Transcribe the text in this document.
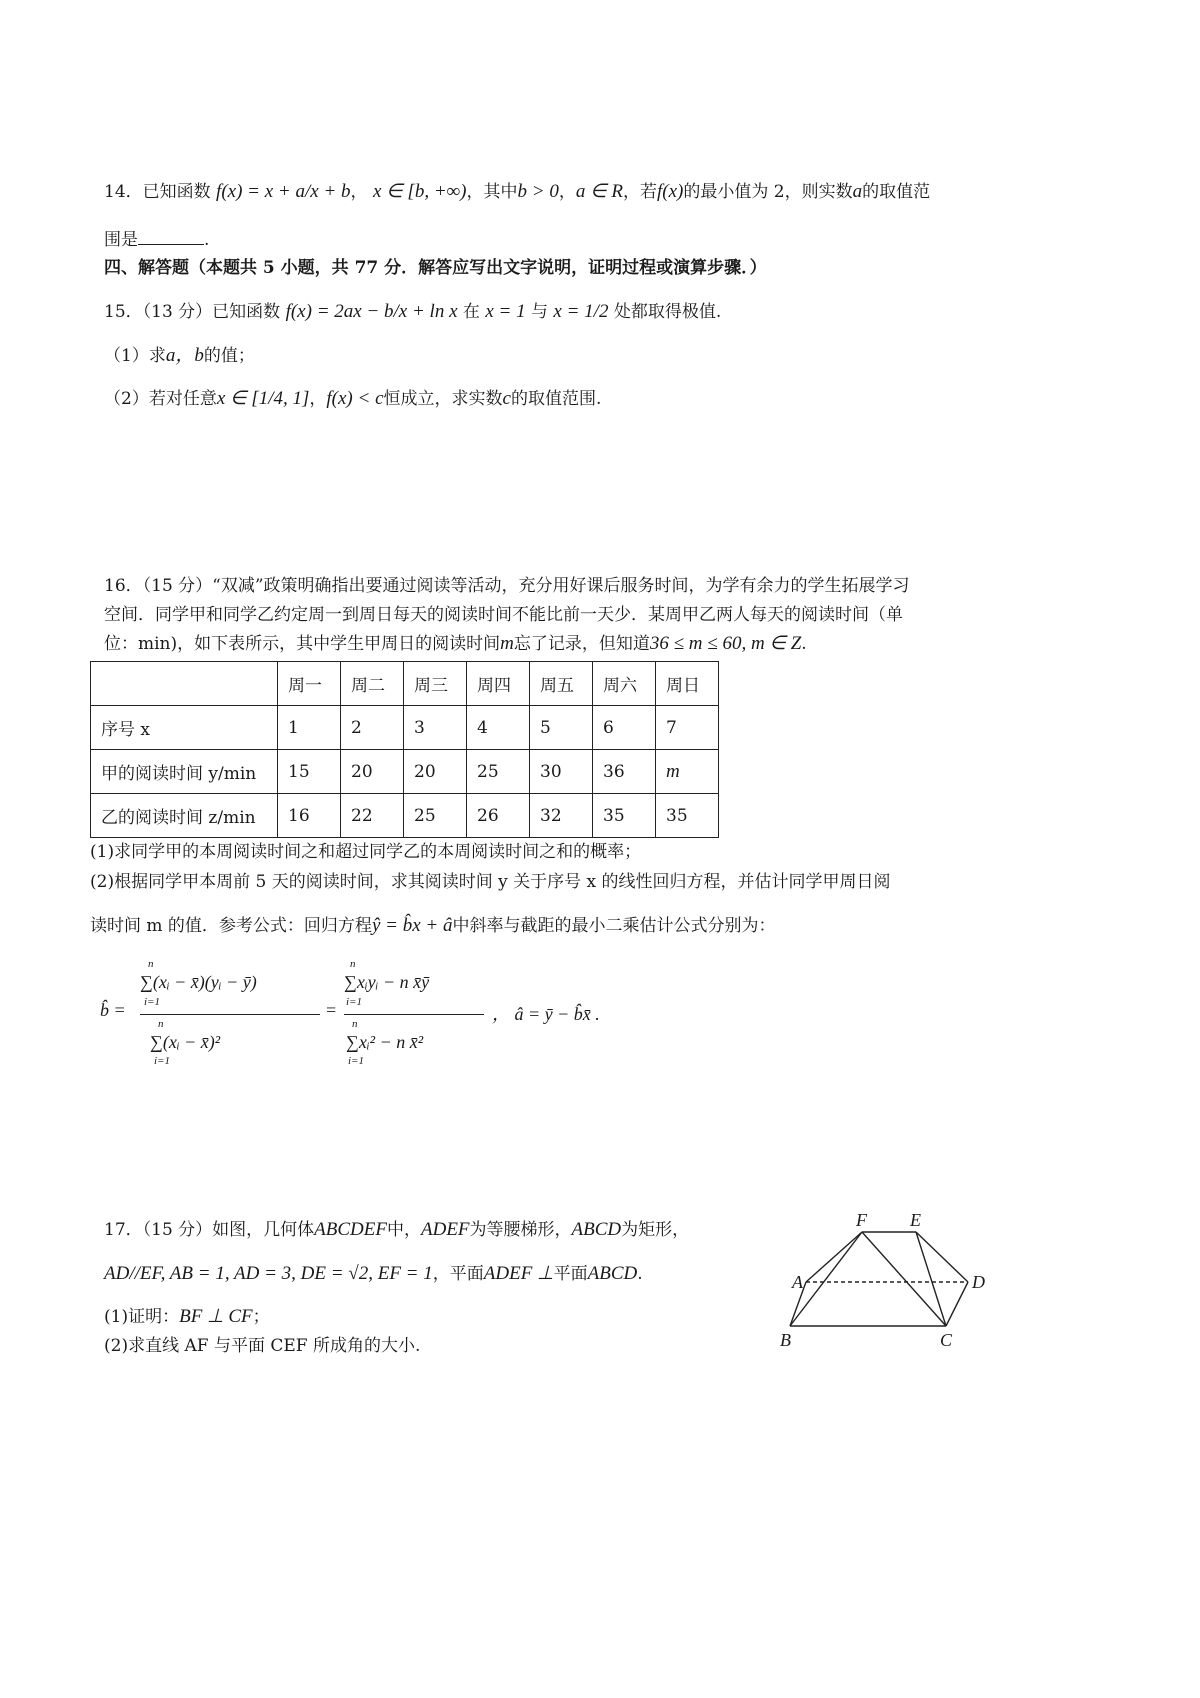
14．已知函数 f(x) = x + a/x + b， x ∈ [b, +∞)，其中b > 0，a ∈ R，若f(x)的最小值为 2，则实数a的取值范
围是	.
四、解答题（本题共 5 小题，共 77 分．解答应写出文字说明，证明过程或演算步骤．）
15．（13 分）已知函数 f(x) = 2ax − b/x + ln x 在 x = 1 与 x = 1/2 处都取得极值.
（1）求a，b的值；
（2）若对任意x ∈ [1/4, 1]，f(x) < c恒成立，求实数c的取值范围.
16．（15 分）“双减”政策明确指出要通过阅读等活动，充分用好课后服务时间，为学有余力的学生拓展学习
空间．同学甲和同学乙约定周一到周日每天的阅读时间不能比前一天少．某周甲乙两人每天的阅读时间（单
位：min)，如下表所示，其中学生甲周日的阅读时间m忘了记录，但知道36 ≤ m ≤ 60, m ∈ Z.
	周一	周二	周三	周四	周五	周六	周日
序号 x	1	2	3	4	5	6	7
甲的阅读时间 y/min	15	20	20	25	30	36	m
乙的阅读时间 z/min	16	22	25	26	32	35	35
(1)求同学甲的本周阅读时间之和超过同学乙的本周阅读时间之和的概率；
(2)根据同学甲本周前 5 天的阅读时间，求其阅读时间 y 关于序号 x 的线性回归方程，并估计同学甲周日阅
读时间 m 的值．参考公式：回归方程ŷ = b̂x + â中斜率与截距的最小二乘估计公式分别为：
b̂ =
n
∑(xᵢ − x̄)(yᵢ − ȳ)
i=1
n
∑(xᵢ − x̄)²
i=1
=
n
∑xᵢyᵢ − n x̄ȳ
i=1
n
∑xᵢ² − n x̄²
i=1
， â = ȳ − b̂x̄ .
17．（15 分）如图，几何体ABCDEF中，ADEF为等腰梯形，ABCD为矩形，
AD//EF, AB = 1, AD = 3, DE = √2, EF = 1，平面ADEF ⊥平面ABCD.
(1)证明：BF ⊥ CF；
(2)求直线 AF 与平面 CEF 所成角的大小.
F E
A	D
B	C
